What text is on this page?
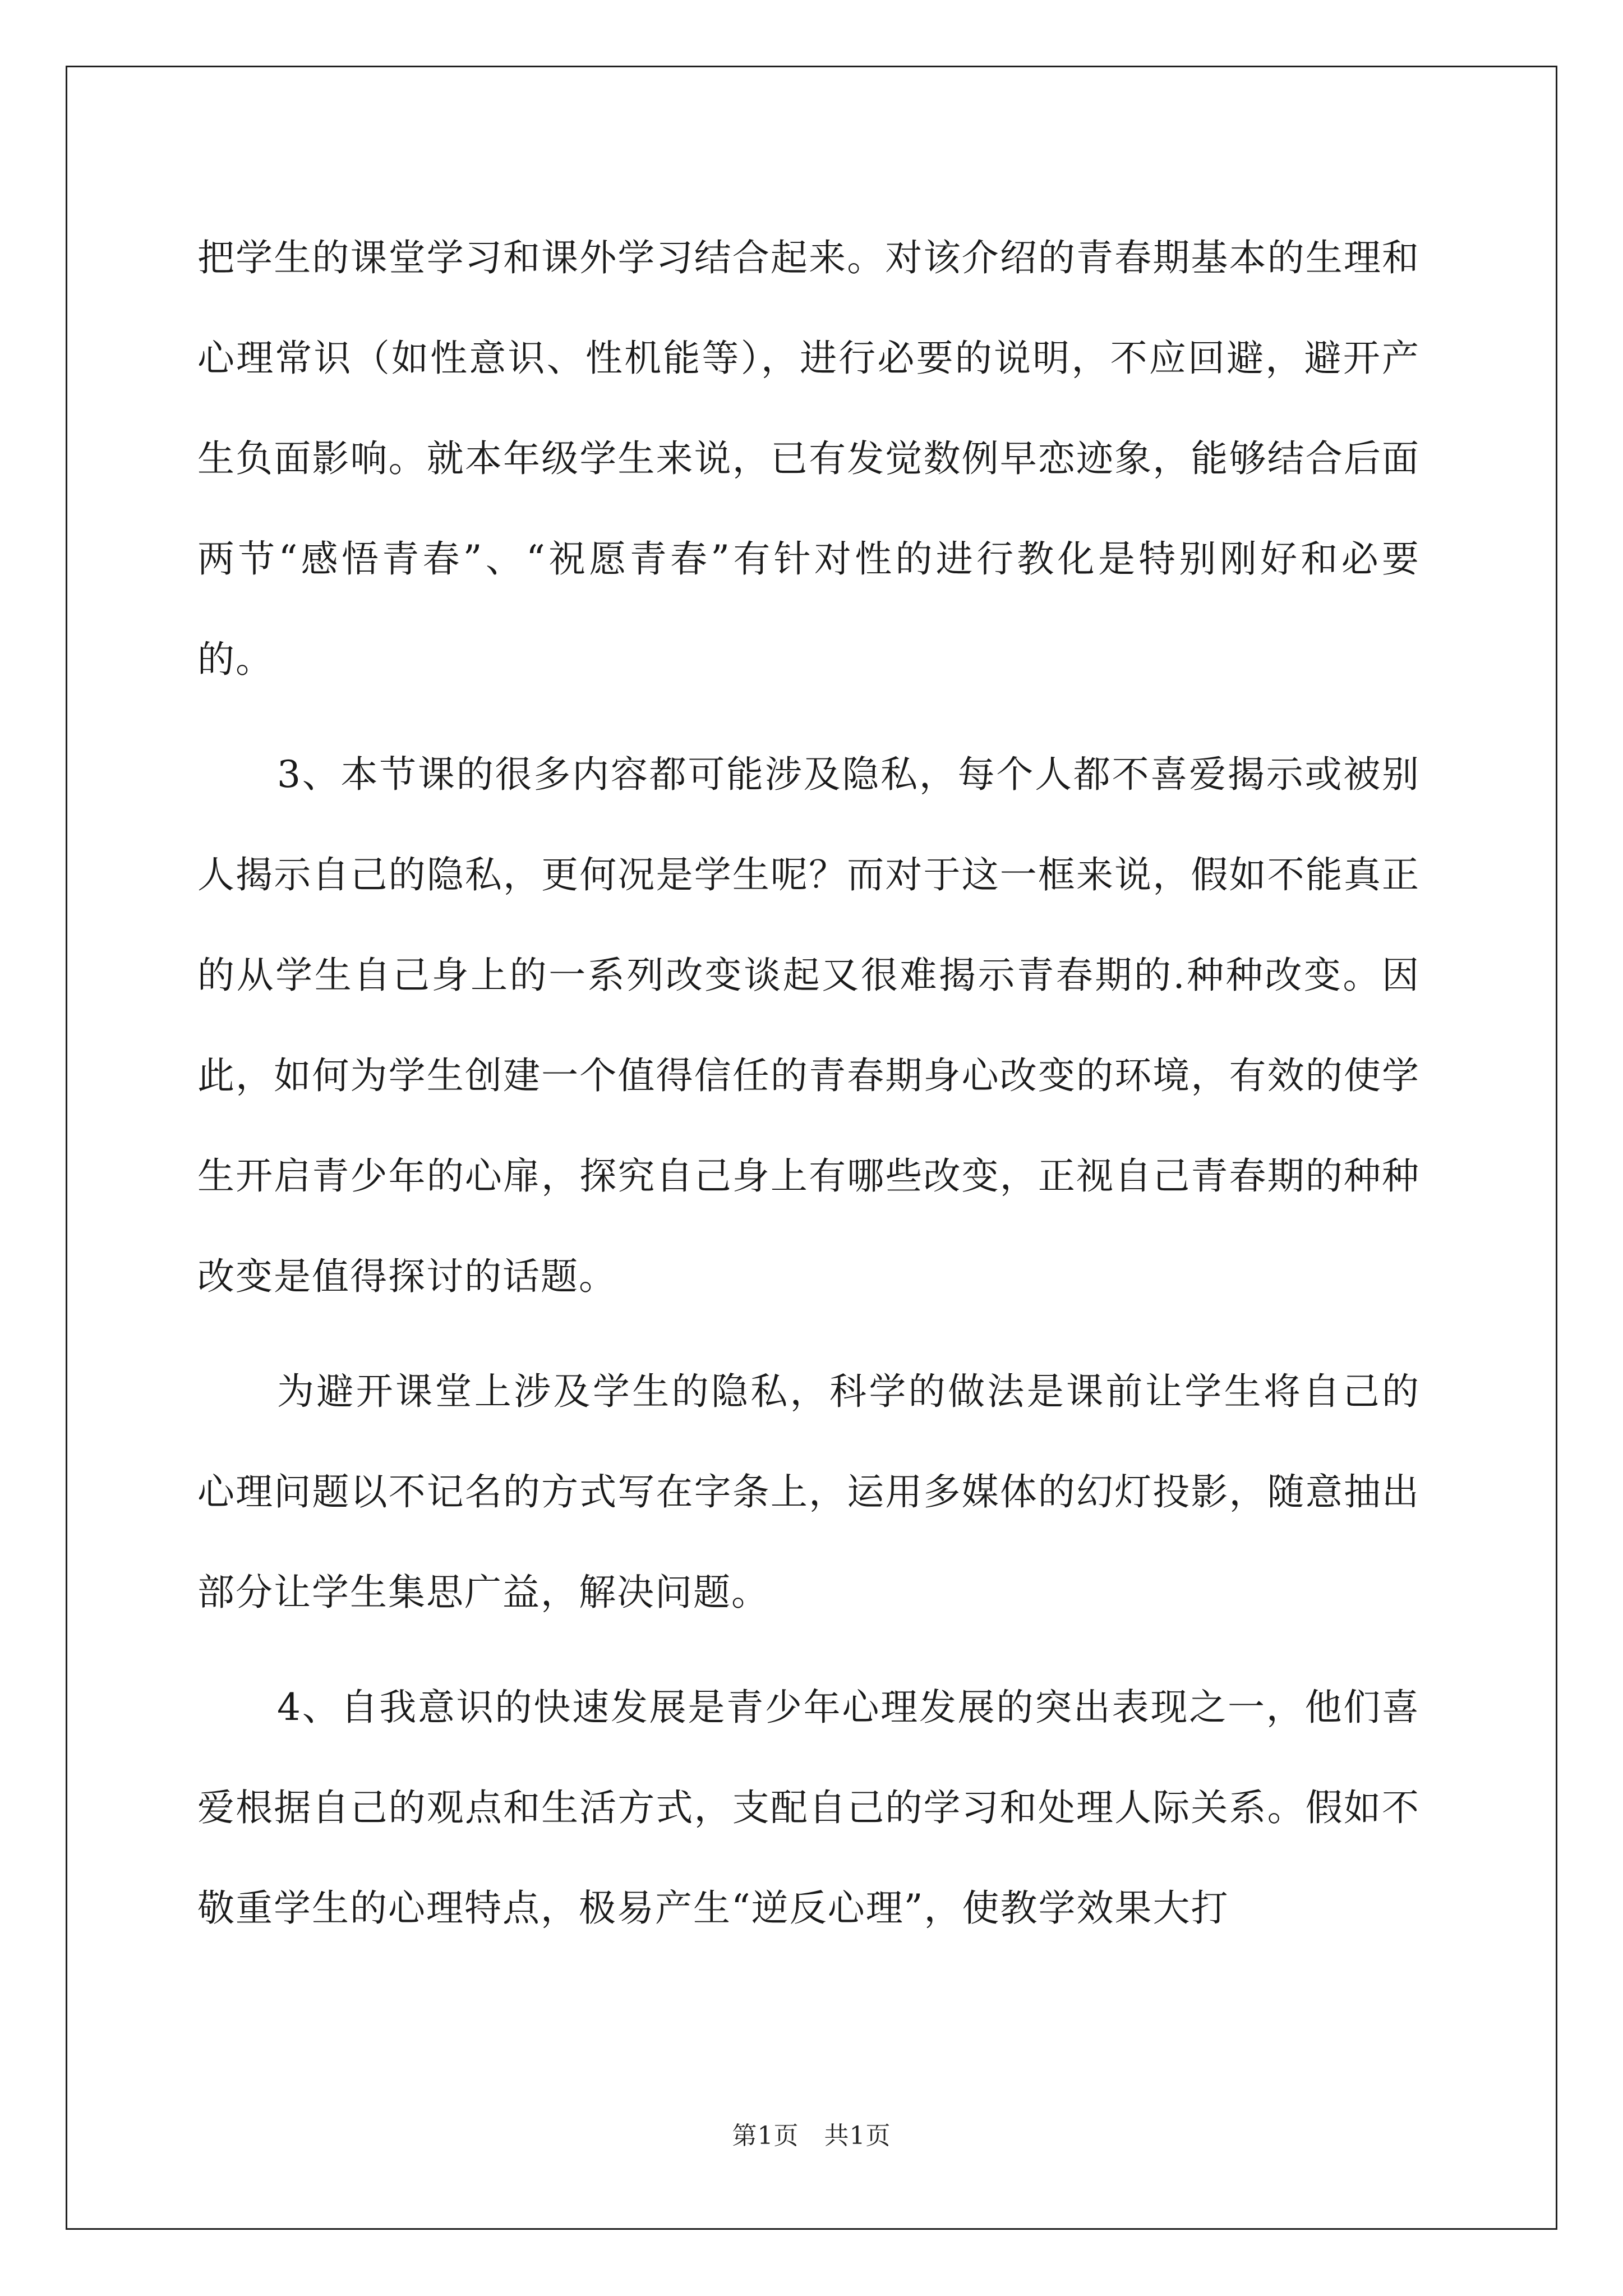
把学生的课堂学习和课外学习结合起来。对该介绍的青春期基本的生理和心理常识（如性意识、性机能等），进行必要的说明，不应回避，避开产生负面影响。就本年级学生来说，已有发觉数例早恋迹象，能够结合后面两节“感悟青春”、“祝愿青春”有针对性的进行教化是特别刚好和必要的。

3、本节课的很多内容都可能涉及隐私，每个人都不喜爱揭示或被别人揭示自己的隐私，更何况是学生呢？而对于这一框来说，假如不能真正的从学生自己身上的一系列改变谈起又很难揭示青春期的.种种改变。因此，如何为学生创建一个值得信任的青春期身心改变的环境，有效的使学生开启青少年的心扉，探究自己身上有哪些改变，正视自己青春期的种种改变是值得探讨的话题。

为避开课堂上涉及学生的隐私，科学的做法是课前让学生将自己的心理问题以不记名的方式写在字条上，运用多媒体的幻灯投影，随意抽出部分让学生集思广益，解决问题。

4、自我意识的快速发展是青少年心理发展的突出表现之一，他们喜爱根据自己的观点和生活方式，支配自己的学习和处理人际关系。假如不敬重学生的心理特点，极易产生“逆反心理”，使教学效果大打

第1页　共1页
